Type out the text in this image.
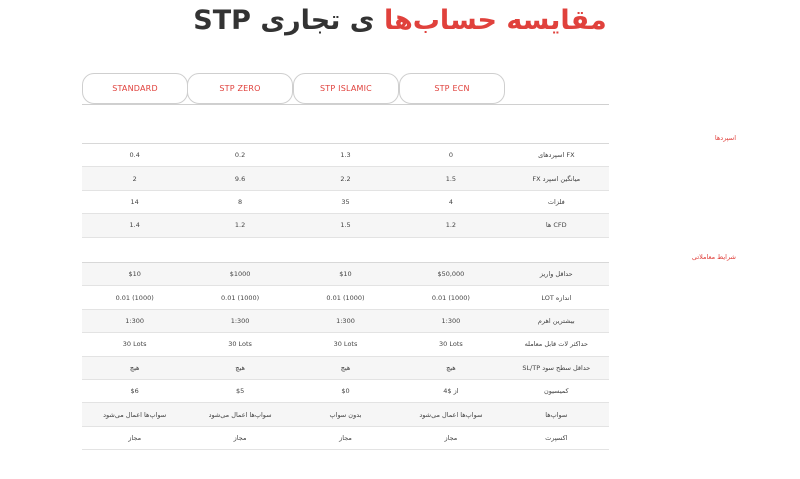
مقایسه حساب‌ها ی تجاری STP
STP ECN
STP ISLAMIC
STP ZERO
STANDARD
اسپردها
FX اسپردهای
0
1.3
0.2
0.4
میانگین اسپرد FX
1.5
2.2
9.6
2
فلزات
4
35
8
14
CFD ها
1.2
1.5
1.2
1.4
شرایط معاملاتی
حداقل واریز
$50,000
$10
$1000
$10
اندازه LOT
0.01 (1000)
0.01 (1000)
0.01 (1000)
0.01 (1000)
بیشترین اهرم
1:300
1:300
1:300
1:300
حداکثر لات قابل معامله
30 Lots
30 Lots
30 Lots
30 Lots
حداقل سطح سود SL/TP
هیچ
هیچ
هیچ
هیچ
کمیسیون
از $4
$0
$5
$6
سواپ‌ها
سواپ‌ها اعمال می‌شود
بدون سواپ
سواپ‌ها اعمال می‌شود
سواپ‌ها اعمال می‌شود
اکسپرت
مجاز
مجاز
مجاز
مجاز
